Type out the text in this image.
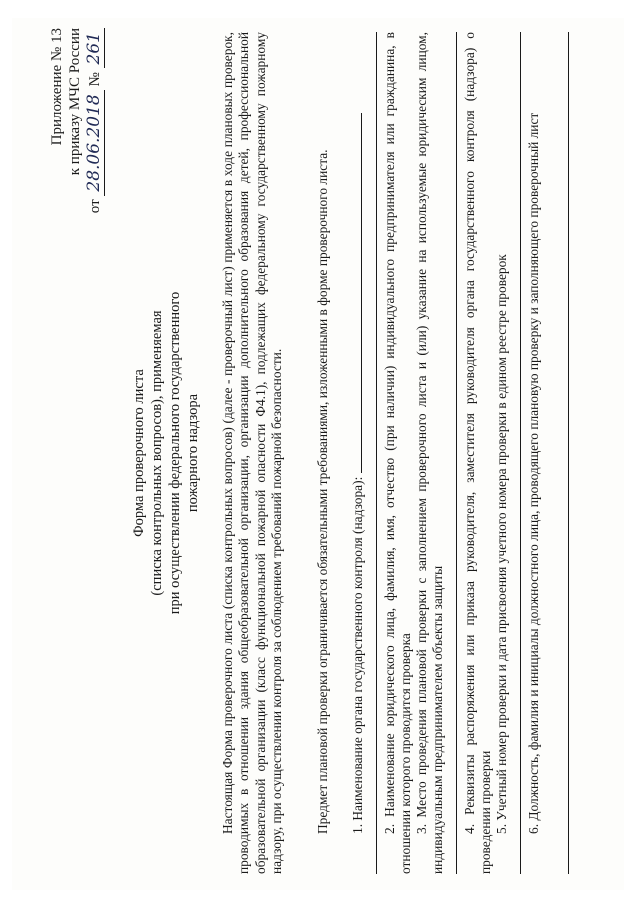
Приложение № 13 к приказу МЧС России
от 28.06.2018 № 261
Форма проверочного листа (списка контрольных вопросов), применяемая при осуществлении федерального государственного пожарного надзора Настоящая Форма проверочного листа (списка контрольных вопросов) (далее - проверочный лист) применяется в ходе плановых проверок, проводимых в отношении здания общеобразовательной организации, организации дополнительного образования детей, профессиональной образовательной организации (класс функциональной пожарной опасности Ф4.1), подлежащих федеральному государственному пожарному надзору, при осуществлении контроля за соблюдением требований пожарной безопасности. Предмет плановой проверки ограничивается обязательными требованиями, изложенными в форме проверочного листа. 1. Наименование органа государственного контроля (надзора): 2. Наименование юридического лица, фамилия, имя, отчество (при наличии) индивидуального предпринимателя или гражданина, в отношении которого проводится проверка 3. Место проведения плановой проверки с заполнением проверочного листа и (или) указание на используемые юридическим лицом, индивидуальным предпринимателем объекты защиты 4. Реквизиты распоряжения или приказа руководителя, заместителя руководителя органа государственного контроля (надзора) о проведении проверки 5. Учетный номер проверки и дата присвоения учетного номера проверки в едином реестре проверок 6. Должность, фамилия и инициалы должностного лица, проводящего плановую проверку и заполняющего проверочный лист
